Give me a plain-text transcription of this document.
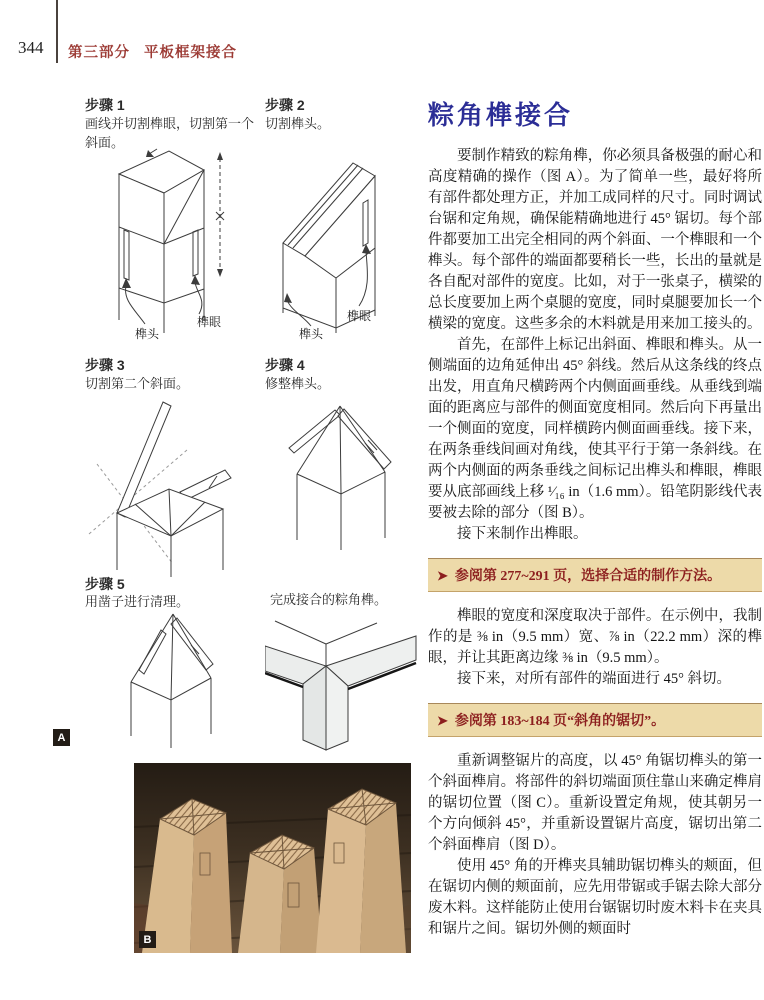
344 第三部分 平板框架接合
步骤 1
画线并切割榫眼，切割第一个斜面。
步骤 2
切割榫头。
榫头
榫眼
榫头
榫眼
步骤 3
切割第二个斜面。
步骤 4
修整榫头。
步骤 5
用凿子进行清理。	完成接合的粽角榫。
A
B
粽角榫接合

要制作精致的粽角榫，你必须具备极强的耐心和高度精确的操作（图 A）。为了简单一些，最好将所有部件都处理方正，并加工成同样的尺寸。同时调试台锯和定角规，确保能精确地进行 45° 锯切。每个部件都要加工出完全相同的两个斜面、一个榫眼和一个榫头。每个部件的端面都要稍长一些，长出的量就是各自配对部件的宽度。比如，对于一张桌子，横梁的总长度要加上两个桌腿的宽度，同时桌腿要加长一个横梁的宽度。这些多余的木料就是用来加工接头的。

首先，在部件上标记出斜面、榫眼和榫头。从一侧端面的边角延伸出 45° 斜线。然后从这条线的终点出发，用直角尺横跨两个内侧面画垂线。从垂线到端面的距离应与部件的侧面宽度相同。然后向下再量出一个侧面的宽度，同样横跨内侧面画垂线。接下来，在两条垂线间画对角线，使其平行于第一条斜线。在两个内侧面的两条垂线之间标记出榫头和榫眼，榫眼要从底部画线上移 ¹⁄₁₆ in（1.6 mm）。铅笔阴影线代表要被去除的部分（图 B）。

接下来制作出榫眼。

➤ 参阅第 277~291 页，选择合适的制作方法。

榫眼的宽度和深度取决于部件。在示例中，我制作的是 ⅜ in（9.5 mm）宽、⅞ in（22.2 mm）深的榫眼，并让其距离边缘 ⅜ in（9.5 mm）。

接下来，对所有部件的端面进行 45° 斜切。

➤ 参阅第 183~184 页“斜角的锯切”。

重新调整锯片的高度，以 45° 角锯切榫头的第一个斜面榫肩。将部件的斜切端面顶住靠山来确定榫肩的锯切位置（图 C）。重新设置定角规，使其朝另一个方向倾斜 45°，并重新设置锯片高度，锯切出第二个斜面榫肩（图 D）。

使用 45° 角的开榫夹具辅助锯切榫头的颊面，但在锯切内侧的颊面前，应先用带锯或手锯去除大部分废木料。这样能防止使用台锯锯切时废木料卡在夹具和锯片之间。锯切外侧的颊面时
